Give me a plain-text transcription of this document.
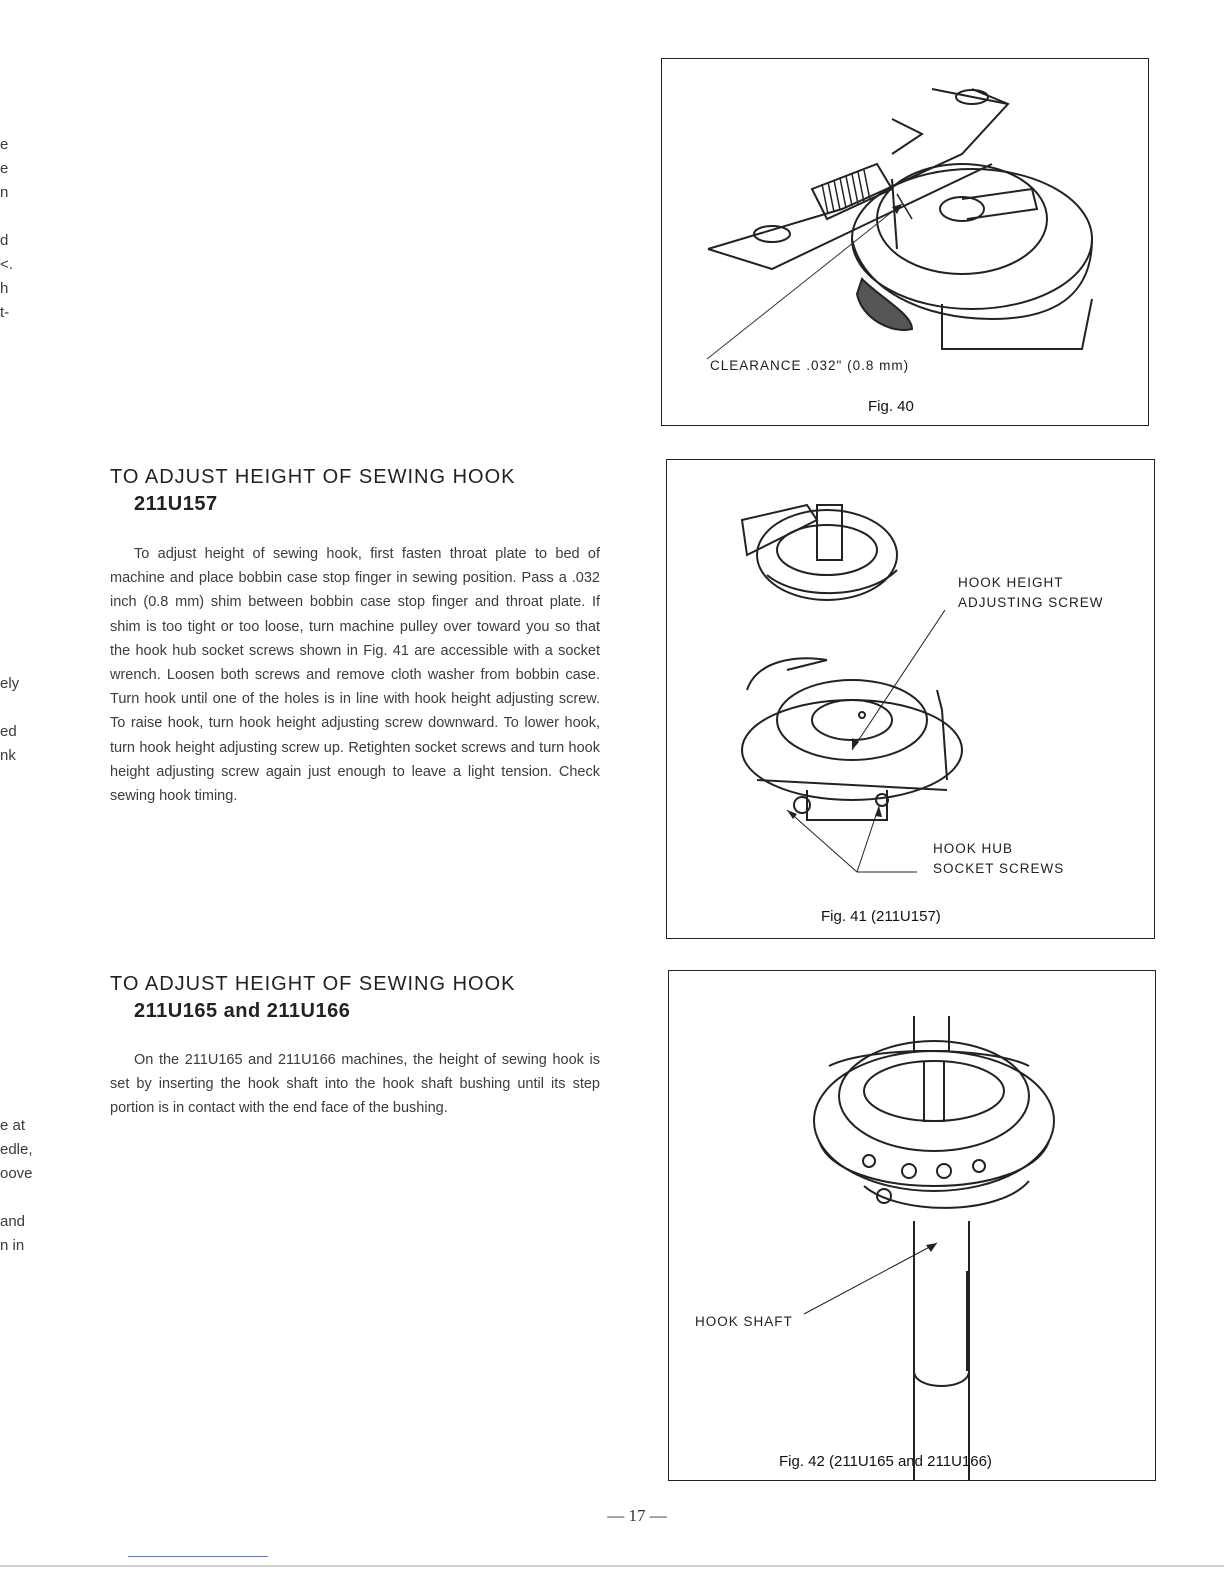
e
e
n

d
<.
h
t-
ely

ed
nk
e at
edle,
oove

and
n in
TO ADJUST HEIGHT OF SEWING HOOK
211U157
To adjust height of sewing hook, first fasten throat plate to bed of machine and place bobbin case stop finger in sewing position. Pass a .032 inch (0.8 mm) shim between bobbin case stop finger and throat plate. If shim is too tight or too loose, turn machine pulley over toward you so that the hook hub socket screws shown in Fig. 41 are accessible with a socket wrench. Loosen both screws and remove cloth washer from bobbin case. Turn hook until one of the holes is in line with hook height adjusting screw. To raise hook, turn hook height adjusting screw downward. To lower hook, turn hook height adjusting screw up. Retighten socket screws and turn hook height adjusting screw again just enough to leave a light tension. Check sewing hook timing.
TO ADJUST HEIGHT OF SEWING HOOK
211U165 and 211U166
On the 211U165 and 211U166 machines, the height of sewing hook is set by inserting the hook shaft into the hook shaft bushing until its step portion is in contact with the end face of the bushing.
CLEARANCE .032" (0.8 mm)
Fig. 40
HOOK HEIGHT
ADJUSTING SCREW
HOOK HUB
SOCKET SCREWS
Fig. 41 (211U157)
HOOK SHAFT
Fig. 42 (211U165 and 211U166)
— 17 —
